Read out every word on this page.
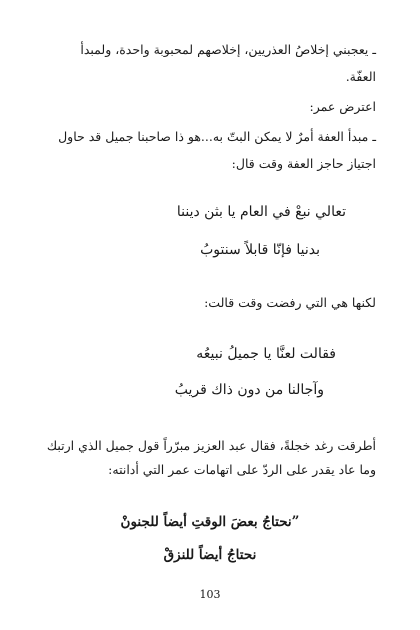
ـ يعجبني إخلاصُ العذريين، إخلاصهم لمحبوبة واحدة، ولمبدأ
العفّة.
اعترض عمر:
ـ مبدأ العفة أمرٌ لا يمكن البتّ به...هو ذا صاحبنا جميل قد حاول
اجتياز حاجز العفة وقت قال:
تعالي نبعْ في العام يا بثن ديننا
بدنيا فإنّا قابلاً سنتوبُ
لكنها هي التي رفضت وقت قالت:
فقالت لعنَّا يا جميلُ نبيعُه
وآجالنا من دون ذاك قريبُ
أطرقت رغد خجلةً، فقال عبد العزيز مبرّراً قول جميل الذي ارتبك
وما عاد يقدر على الردّ على اتهامات عمر التي أدانته:
”نحتاجُ بعضَ الوقتِ أيضاً للجنونْ
نحتاجُ أيضاً للنزقْ
103
